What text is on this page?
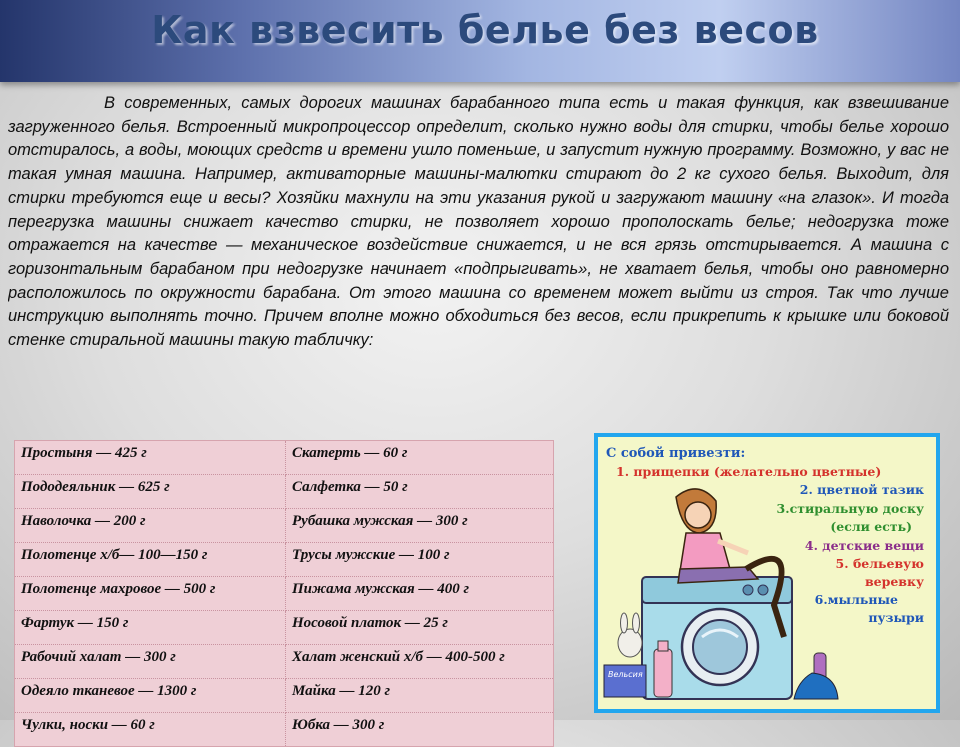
Как взвесить белье без весов
В современных, самых дорогих машинах барабанного типа есть и такая функция, как взвешивание загруженного белья. Встроенный микропроцессор определит, сколько нужно воды для стирки, чтобы белье хорошо отстиралось, а воды, моющих средств и времени ушло поменьше, и запустит нужную программу. Возможно, у вас не такая умная машина. Например, активаторные машины-малютки стирают до 2 кг сухого белья. Выходит, для стирки требуются еще и весы? Хозяйки махнули на эти указания рукой и загружают машину «на глазок». И тогда перегрузка машины снижает качество стирки, не позволяет хорошо прополоскать белье; недогрузка тоже отражается на качестве — механическое воздействие снижается, и не вся грязь отстирывается. А машина с горизонтальным барабаном при недогрузке начинает «подпрыгивать», не хватает белья, чтобы оно равномерно расположилось по окружности барабана. От этого машина со временем может выйти из строя. Так что лучше инструкцию выполнять точно. Причем вполне можно обходиться без весов, если прикрепить к крышке или боковой стенке стиральной машины такую табличку:
Простыня — 425 г	Скатерть — 60 г
Пододеяльник — 625 г	Салфетка — 50 г
Наволочка — 200 г	Рубашка мужская — 300 г
Полотенце х/б— 100—150 г	Трусы мужские — 100 г
Полотенце махровое — 500 г	Пижама мужская — 400 г
Фартук — 150 г	Носовой платок — 25 г
Рабочий халат — 300 г	Халат женский х/б — 400-500 г
Одеяло тканевое — 1300 г	Майка — 120 г
Чулки, носки — 60 г	Юбка — 300 г
С собой привезти:
1. прищепки (желательно цветные)
2. цветной тазик
3.стиральную доску
(если есть)
4. детские вещи
5. бельевую
веревку
6.мыльные
пузыри
Вельсия
